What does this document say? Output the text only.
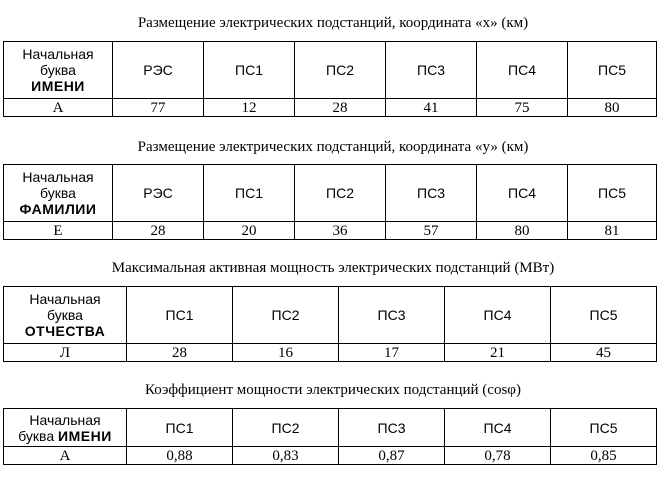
Размещение электрических подстанций, координата «х» (км)
Начальная
буква
ИМЕНИ	РЭС	ПС1	ПС2	ПС3	ПС4	ПС5
А	77	12	28	41	75	80
Размещение электрических подстанций, координата «у» (км)
Начальная
буква
ФАМИЛИИ	РЭС	ПС1	ПС2	ПС3	ПС4	ПС5
Е	28	20	36	57	80	81
Максимальная активная мощность электрических подстанций (МВт)
Начальная
буква
ОТЧЕСТВА	ПС1	ПС2	ПС3	ПС4	ПС5
Л	28	16	17	21	45
Коэффициент мощности электрических подстанций (cosφ)
Начальная
буква ИМЕНИ	ПС1	ПС2	ПС3	ПС4	ПС5
А	0,88	0,83	0,87	0,78	0,85
